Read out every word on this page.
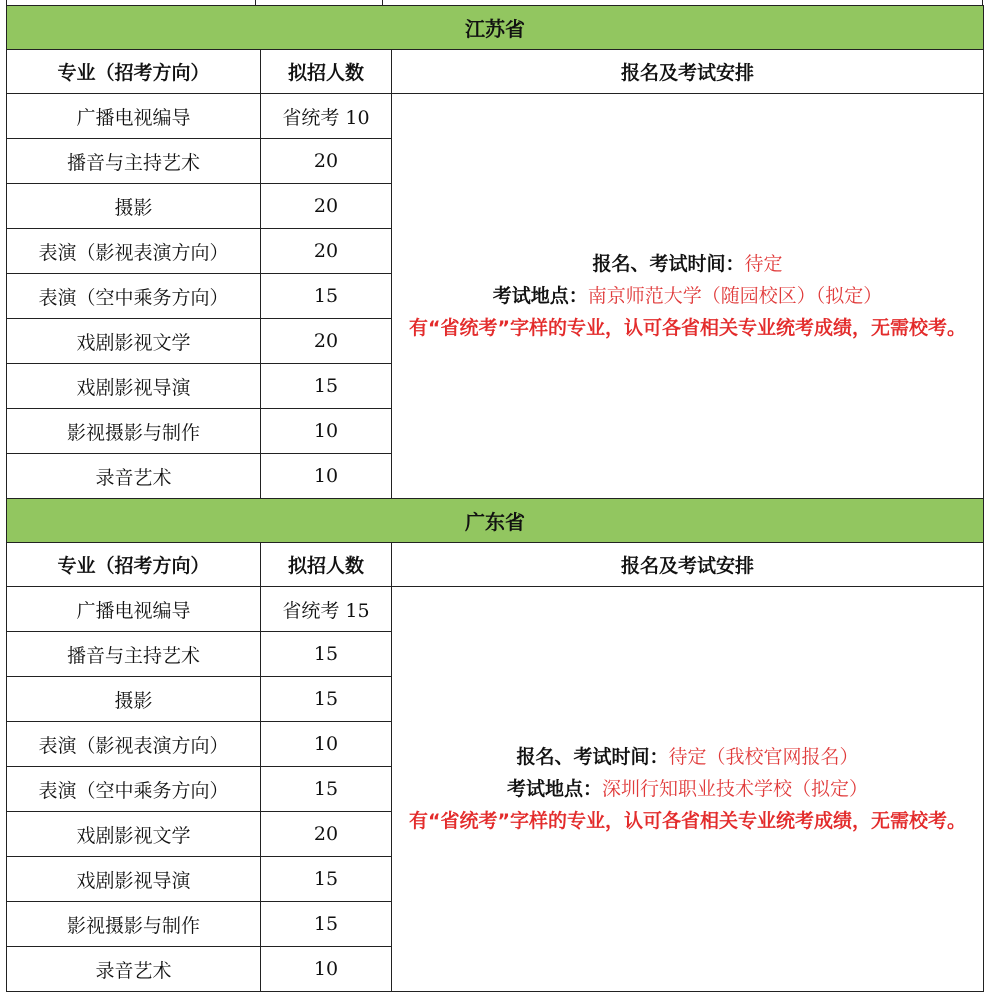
江苏省		
专业（招考方向）	拟招人数	报名及考试安排
广播电视编导	省统考 10	报名、考试时间：待定
考试地点：南京师范大学（随园校区）（拟定）
有“省统考”字样的专业，认可各省相关专业统考成绩，无需校考。

播音与主持艺术	20	
摄影	20	
表演（影视表演方向）	20	
表演（空中乘务方向）	15	
戏剧影视文学	20	
戏剧影视导演	15	
影视摄影与制作	10	
录音艺术	10	
广东省		
专业（招考方向）	拟招人数	报名及考试安排
广播电视编导	省统考 15	报名、考试时间：待定（我校官网报名）
考试地点：深圳行知职业技术学校（拟定）
有“省统考”字样的专业，认可各省相关专业统考成绩，无需校考。

播音与主持艺术	15	
摄影	15	
表演（影视表演方向）	10	
表演（空中乘务方向）	15	
戏剧影视文学	20	
戏剧影视导演	15	
影视摄影与制作	15	
录音艺术	10	
